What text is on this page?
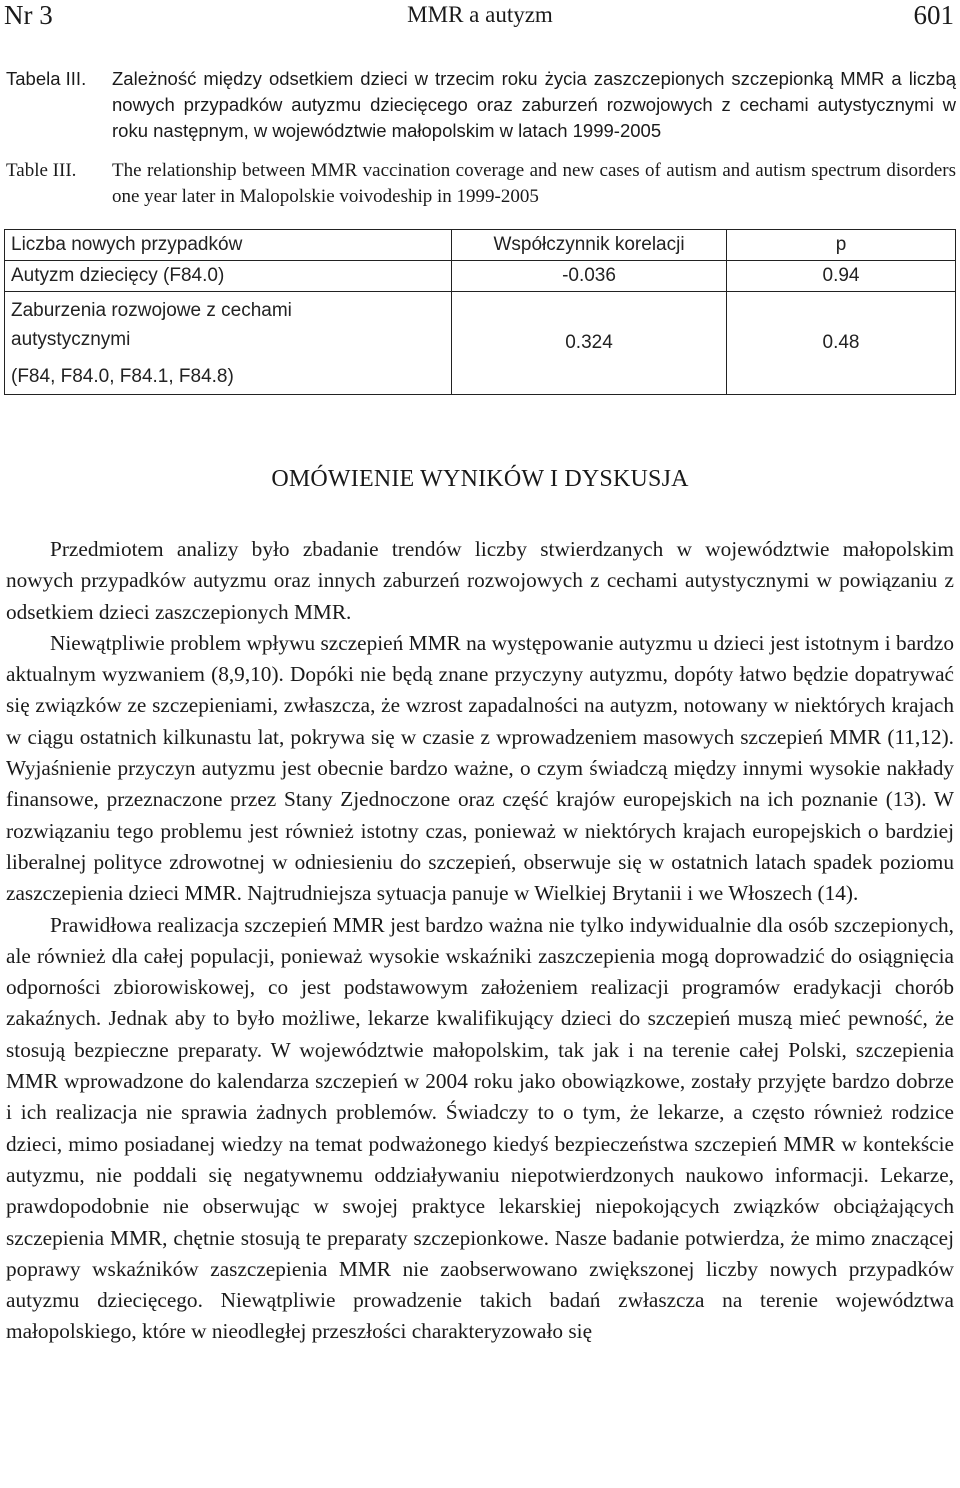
Nr 3	MMR a autyzm	601
Tabela III. Zależność między odsetkiem dzieci w trzecim roku życia zaszczepionych szczepionką MMR a liczbą nowych przypadków autyzmu dziecięcego oraz zaburzeń rozwojowych z cechami autystycznymi w roku następnym, w województwie małopolskim w latach 1999-2005
Table III. The relationship between MMR vaccination coverage and new cases of autism and autism spectrum disorders one year later in Malopolskie voivodeship in 1999-2005
Liczba nowych przypadków	Współczynnik korelacji	p
Autyzm dziecięcy (F84.0)	-0.036	0.94

Zaburzenia rozwojowe z cechami
autystycznymi
(F84, F84.0, F84.1, F84.8)	0.324	0.48
OMÓWIENIE WYNIKÓW I DYSKUSJA

Przedmiotem analizy było zbadanie trendów liczby stwierdzanych w województwie małopolskim nowych przypadków autyzmu oraz innych zaburzeń rozwojowych z cechami autystycznymi w powiązaniu z odsetkiem dzieci zaszczepionych MMR.

Niewątpliwie problem wpływu szczepień MMR na występowanie autyzmu u dzieci jest istotnym i bardzo aktualnym wyzwaniem (8,9,10). Dopóki nie będą znane przyczyny autyzmu, dopóty łatwo będzie dopatrywać się związków ze szczepieniami, zwłaszcza, że wzrost zapadalności na autyzm, notowany w niektórych krajach w ciągu ostatnich kilkunastu lat, pokrywa się w czasie z wprowadzeniem masowych szczepień MMR (11,12). Wyjaśnienie przyczyn autyzmu jest obecnie bardzo ważne, o czym świadczą między innymi wysokie nakłady finansowe, przeznaczone przez Stany Zjednoczone oraz część krajów europejskich na ich poznanie (13). W rozwiązaniu tego problemu jest również istotny czas, ponieważ w niektórych krajach europejskich o bardziej liberalnej polityce zdrowotnej w odniesieniu do szczepień, obserwuje się w ostatnich latach spadek poziomu zaszczepienia dzieci MMR. Najtrudniejsza sytuacja panuje w Wielkiej Brytanii i we Włoszech (14).

Prawidłowa realizacja szczepień MMR jest bardzo ważna nie tylko indywidualnie dla osób szczepionych, ale również dla całej populacji, ponieważ wysokie wskaźniki zaszczepienia mogą doprowadzić do osiągnięcia odporności zbiorowiskowej, co jest podstawowym założeniem realizacji programów eradykacji chorób zakaźnych. Jednak aby to było możliwe, lekarze kwalifikujący dzieci do szczepień muszą mieć pewność, że stosują bezpieczne preparaty. W województwie małopolskim, tak jak i na terenie całej Polski, szczepienia MMR wprowadzone do kalendarza szczepień w 2004 roku jako obowiązkowe, zostały przyjęte bardzo dobrze i ich realizacja nie sprawia żadnych problemów. Świadczy to o tym, że lekarze, a często również rodzice dzieci, mimo posiadanej wiedzy na temat podważonego kiedyś bezpieczeństwa szczepień MMR w kontekście autyzmu, nie poddali się negatywnemu oddziaływaniu niepotwierdzonych naukowo informacji. Lekarze, prawdopodobnie nie obserwując w swojej praktyce lekarskiej niepokojących związków obciążających szczepienia MMR, chętnie stosują te preparaty szczepionkowe. Nasze badanie potwierdza, że mimo znaczącej poprawy wskaźników zaszczepienia MMR nie zaobserwowano zwiększonej liczby nowych przypadków autyzmu dziecięcego. Niewątpliwie prowadzenie takich badań zwłaszcza na terenie województwa małopolskiego, które w nieodległej przeszłości charakteryzowało się
